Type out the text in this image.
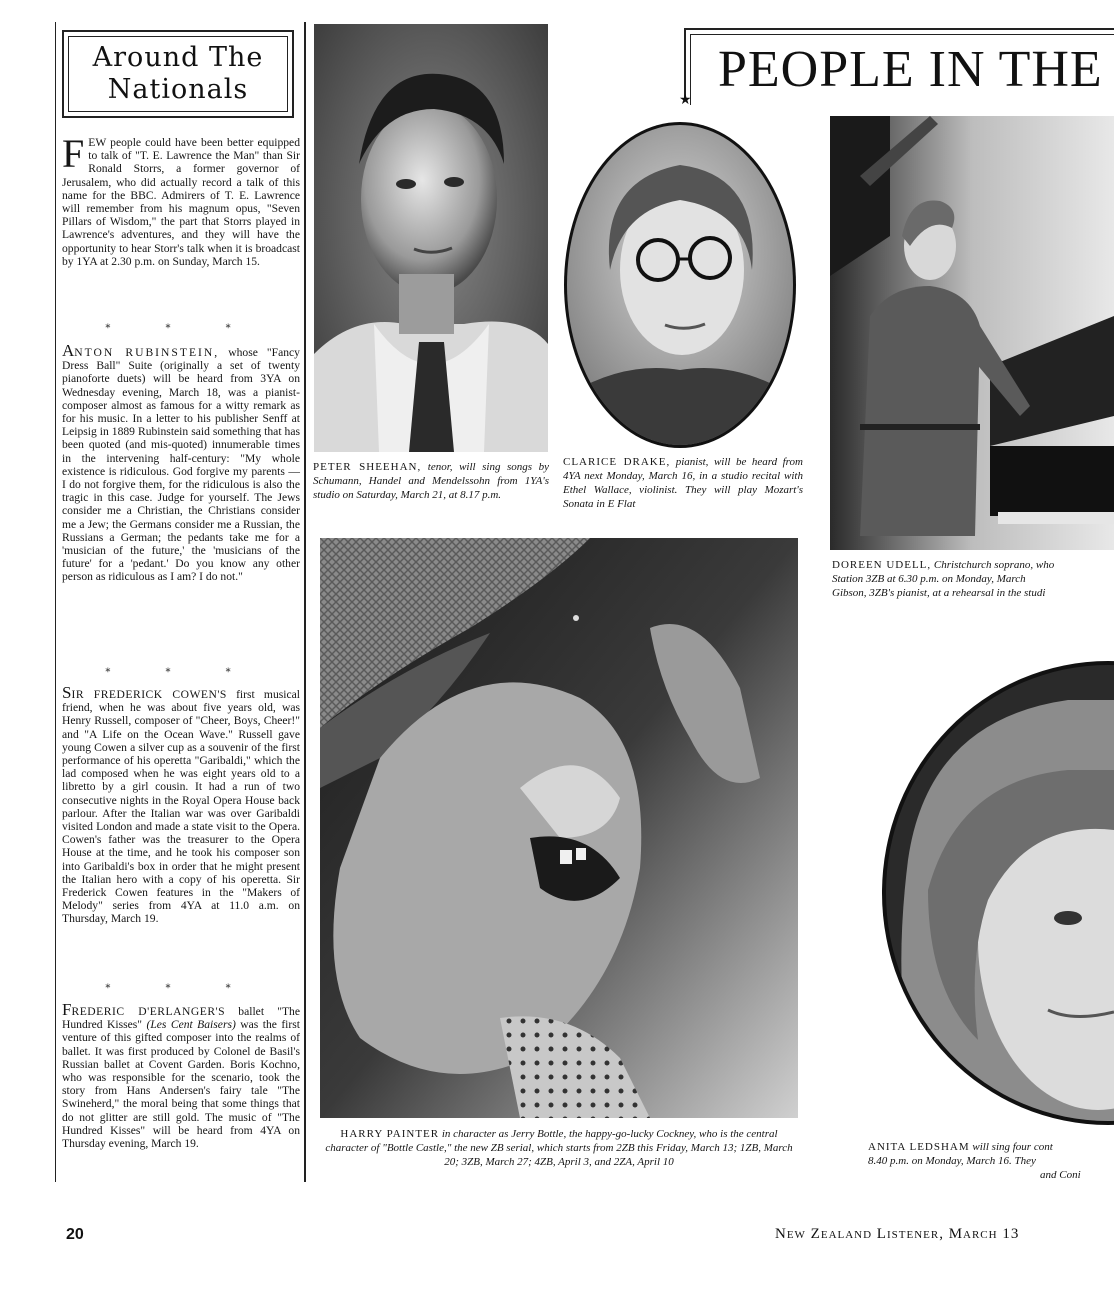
Around The
Nationals
FEW people could have been better equipped to talk of "T. E. Lawrence the Man" than Sir Ronald Storrs, a former governor of Jerusalem, who did actually record a talk of this name for the BBC. Admirers of T. E. Lawrence will remember from his magnum opus, "Seven Pillars of Wisdom," the part that Storrs played in Lawrence's adventures, and they will have the opportunity to hear Storr's talk when it is broadcast by 1YA at 2.30 p.m. on Sunday, March 15.
* * *
ANTON RUBINSTEIN, whose "Fancy Dress Ball" Suite (originally a set of twenty pianoforte duets) will be heard from 3YA on Wednesday evening, March 18, was a pianist-composer almost as famous for a witty remark as for his music. In a letter to his publisher Senff at Leipsig in 1889 Rubinstein said something that has been quoted (and mis-quoted) innumerable times in the intervening half-century: "My whole existence is ridiculous. God forgive my parents — I do not forgive them, for the ridiculous is also the tragic in this case. Judge for yourself. The Jews consider me a Christian, the Christians consider me a Jew; the Germans consider me a Russian, the Russians a German; the pedants take me for a 'musician of the future,' the 'musicians of the future' for a 'pedant.' Do you know any other person as ridiculous as I am? I do not."
* * *
SIR FREDERICK COWEN'S first musical friend, when he was about five years old, was Henry Russell, composer of "Cheer, Boys, Cheer!" and "A Life on the Ocean Wave." Russell gave young Cowen a silver cup as a souvenir of the first performance of his operetta "Garibaldi," which the lad composed when he was eight years old to a libretto by a girl cousin. It had a run of two consecutive nights in the Royal Opera House back parlour. After the Italian war was over Garibaldi visited London and made a state visit to the Opera. Cowen's father was the treasurer to the Opera House at the time, and he took his composer son into Garibaldi's box in order that he might present the Italian hero with a copy of his operetta. Sir Frederick Cowen features in the "Makers of Melody" series from 4YA at 11.0 a.m. on Thursday, March 19.
* * *
FREDERIC D'ERLANGER'S ballet "The Hundred Kisses" (Les Cent Baisers) was the first venture of this gifted composer into the realms of ballet. It was first produced by Colonel de Basil's Russian ballet at Covent Garden. Boris Kochno, who was responsible for the scenario, took the story from Hans Andersen's fairy tale "The Swineherd," the moral being that some things that do not glitter are still gold. The music of "The Hundred Kisses" will be heard from 4YA on Thursday evening, March 19.
PETER SHEEHAN, tenor, will sing songs by Schumann, Handel and Mendelssohn from 1YA's studio on Saturday, March 21, at 8.17 p.m.
CLARICE DRAKE, pianist, will be heard from 4YA next Monday, March 16, in a studio recital with Ethel Wallace, violinist. They will play Mozart's Sonata in E Flat
DOREEN UDELL, Christchurch soprano, who
Station 3ZB at 6.30 p.m. on Monday, March
Gibson, 3ZB's pianist, at a rehearsal in the studi
HARRY PAINTER in character as Jerry Bottle, the happy-go-lucky Cockney, who is the central character of "Bottle Castle," the new ZB serial, which starts from 2ZB this Friday, March 13; 1ZB, March 20; 3ZB, March 27; 4ZB, April 3, and 2ZA, April 10
ANITA LEDSHAM will sing four cont
8.40 p.m. on Monday, March 16. They
and Coni
PEOPLE IN THE
★
20	New Zealand Listener, March 13
